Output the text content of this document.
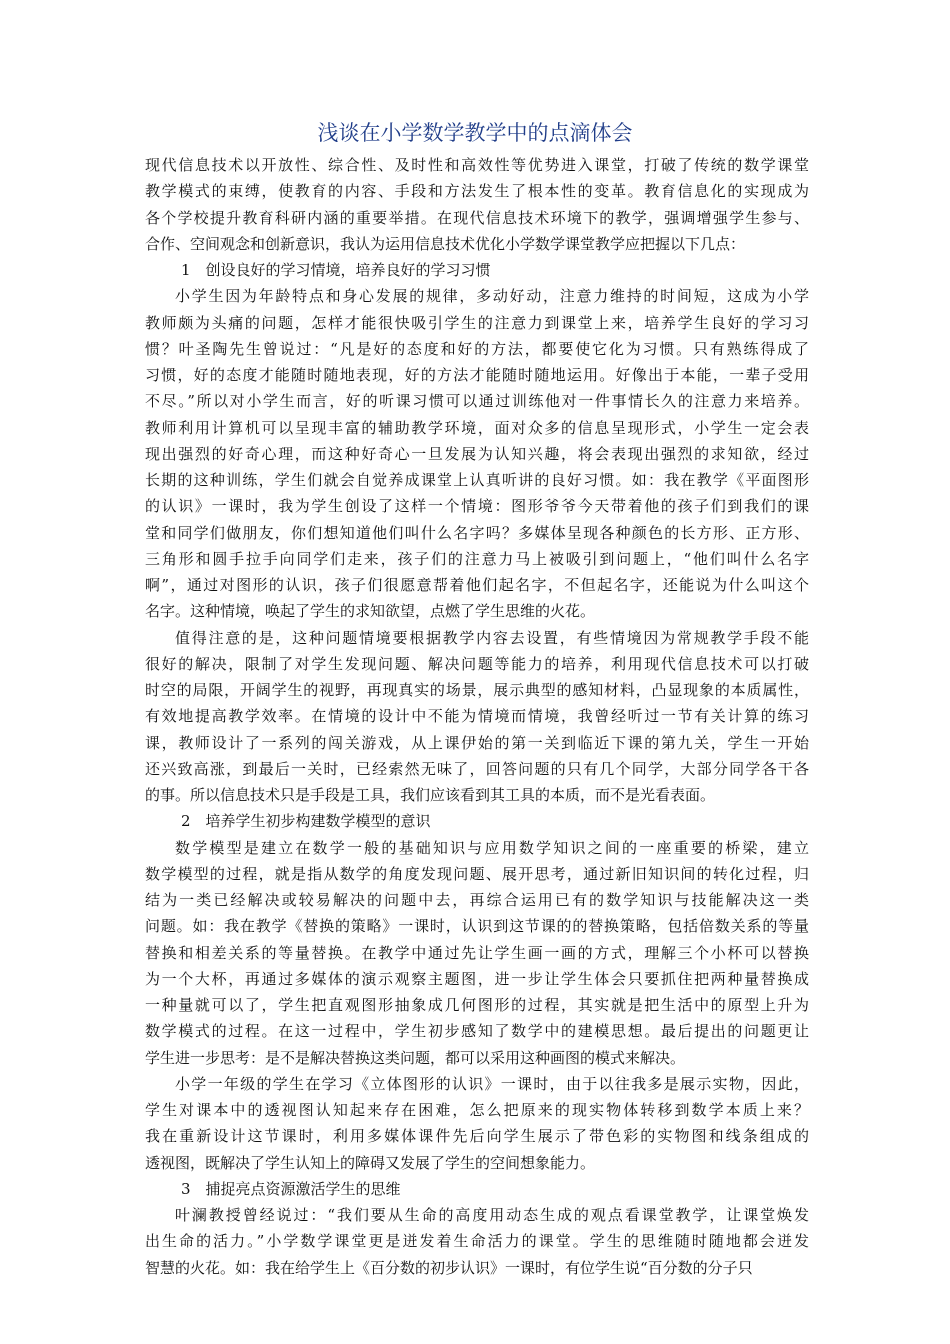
浅谈在小学数学教学中的点滴体会
现代信息技术以开放性、综合性、及时性和高效性等优势进入课堂，打破了传统的数学课堂
教学模式的束缚，使教育的内容、手段和方法发生了根本性的变革。教育信息化的实现成为
各个学校提升教育科研内涵的重要举措。在现代信息技术环境下的教学，强调增强学生参与、
合作、空间观念和创新意识，我认为运用信息技术优化小学数学课堂教学应把握以下几点：
1　创设良好的学习情境，培养良好的学习习惯
小学生因为年龄特点和身心发展的规律，多动好动，注意力维持的时间短，这成为小学
教师颇为头痛的问题，怎样才能很快吸引学生的注意力到课堂上来，培养学生良好的学习习
惯？叶圣陶先生曾说过：“凡是好的态度和好的方法，都要使它化为习惯。只有熟练得成了
习惯，好的态度才能随时随地表现，好的方法才能随时随地运用。好像出于本能，一辈子受用
不尽。”所以对小学生而言，好的听课习惯可以通过训练他对一件事情长久的注意力来培养。
教师利用计算机可以呈现丰富的辅助教学环境，面对众多的信息呈现形式，小学生一定会表
现出强烈的好奇心理，而这种好奇心一旦发展为认知兴趣，将会表现出强烈的求知欲，经过
长期的这种训练，学生们就会自觉养成课堂上认真听讲的良好习惯。如：我在教学《平面图形
的认识》一课时，我为学生创设了这样一个情境：图形爷爷今天带着他的孩子们到我们的课
堂和同学们做朋友，你们想知道他们叫什么名字吗？多媒体呈现各种颜色的长方形、正方形、
三角形和圆手拉手向同学们走来，孩子们的注意力马上被吸引到问题上，“他们叫什么名字
啊”，通过对图形的认识，孩子们很愿意帮着他们起名字，不但起名字，还能说为什么叫这个
名字。这种情境，唤起了学生的求知欲望，点燃了学生思维的火花。
值得注意的是，这种问题情境要根据教学内容去设置，有些情境因为常规教学手段不能
很好的解决，限制了对学生发现问题、解决问题等能力的培养，利用现代信息技术可以打破
时空的局限，开阔学生的视野，再现真实的场景，展示典型的感知材料，凸显现象的本质属性，
有效地提高教学效率。在情境的设计中不能为情境而情境，我曾经听过一节有关计算的练习
课，教师设计了一系列的闯关游戏，从上课伊始的第一关到临近下课的第九关，学生一开始
还兴致高涨，到最后一关时，已经索然无味了，回答问题的只有几个同学，大部分同学各干各
的事。所以信息技术只是手段是工具，我们应该看到其工具的本质，而不是光看表面。
2　培养学生初步构建数学模型的意识
数学模型是建立在数学一般的基础知识与应用数学知识之间的一座重要的桥梁，建立
数学模型的过程，就是指从数学的角度发现问题、展开思考，通过新旧知识间的转化过程，归
结为一类已经解决或较易解决的问题中去，再综合运用已有的数学知识与技能解决这一类
问题。如：我在教学《替换的策略》一课时，认识到这节课的的替换策略，包括倍数关系的等量
替换和相差关系的等量替换。在教学中通过先让学生画一画的方式，理解三个小杯可以替换
为一个大杯，再通过多媒体的演示观察主题图，进一步让学生体会只要抓住把两种量替换成
一种量就可以了，学生把直观图形抽象成几何图形的过程，其实就是把生活中的原型上升为
数学模式的过程。在这一过程中，学生初步感知了数学中的建模思想。最后提出的问题更让
学生进一步思考：是不是解决替换这类问题，都可以采用这种画图的模式来解决。
小学一年级的学生在学习《立体图形的认识》一课时，由于以往我多是展示实物，因此，
学生对课本中的透视图认知起来存在困难，怎么把原来的现实物体转移到数学本质上来？
我在重新设计这节课时，利用多媒体课件先后向学生展示了带色彩的实物图和线条组成的
透视图，既解决了学生认知上的障碍又发展了学生的空间想象能力。
3　捕捉亮点资源激活学生的思维
叶澜教授曾经说过：“我们要从生命的高度用动态生成的观点看课堂教学，让课堂焕发
出生命的活力。”小学数学课堂更是迸发着生命活力的课堂。学生的思维随时随地都会迸发
智慧的火花。如：我在给学生上《百分数的初步认识》一课时，有位学生说“百分数的分子只
